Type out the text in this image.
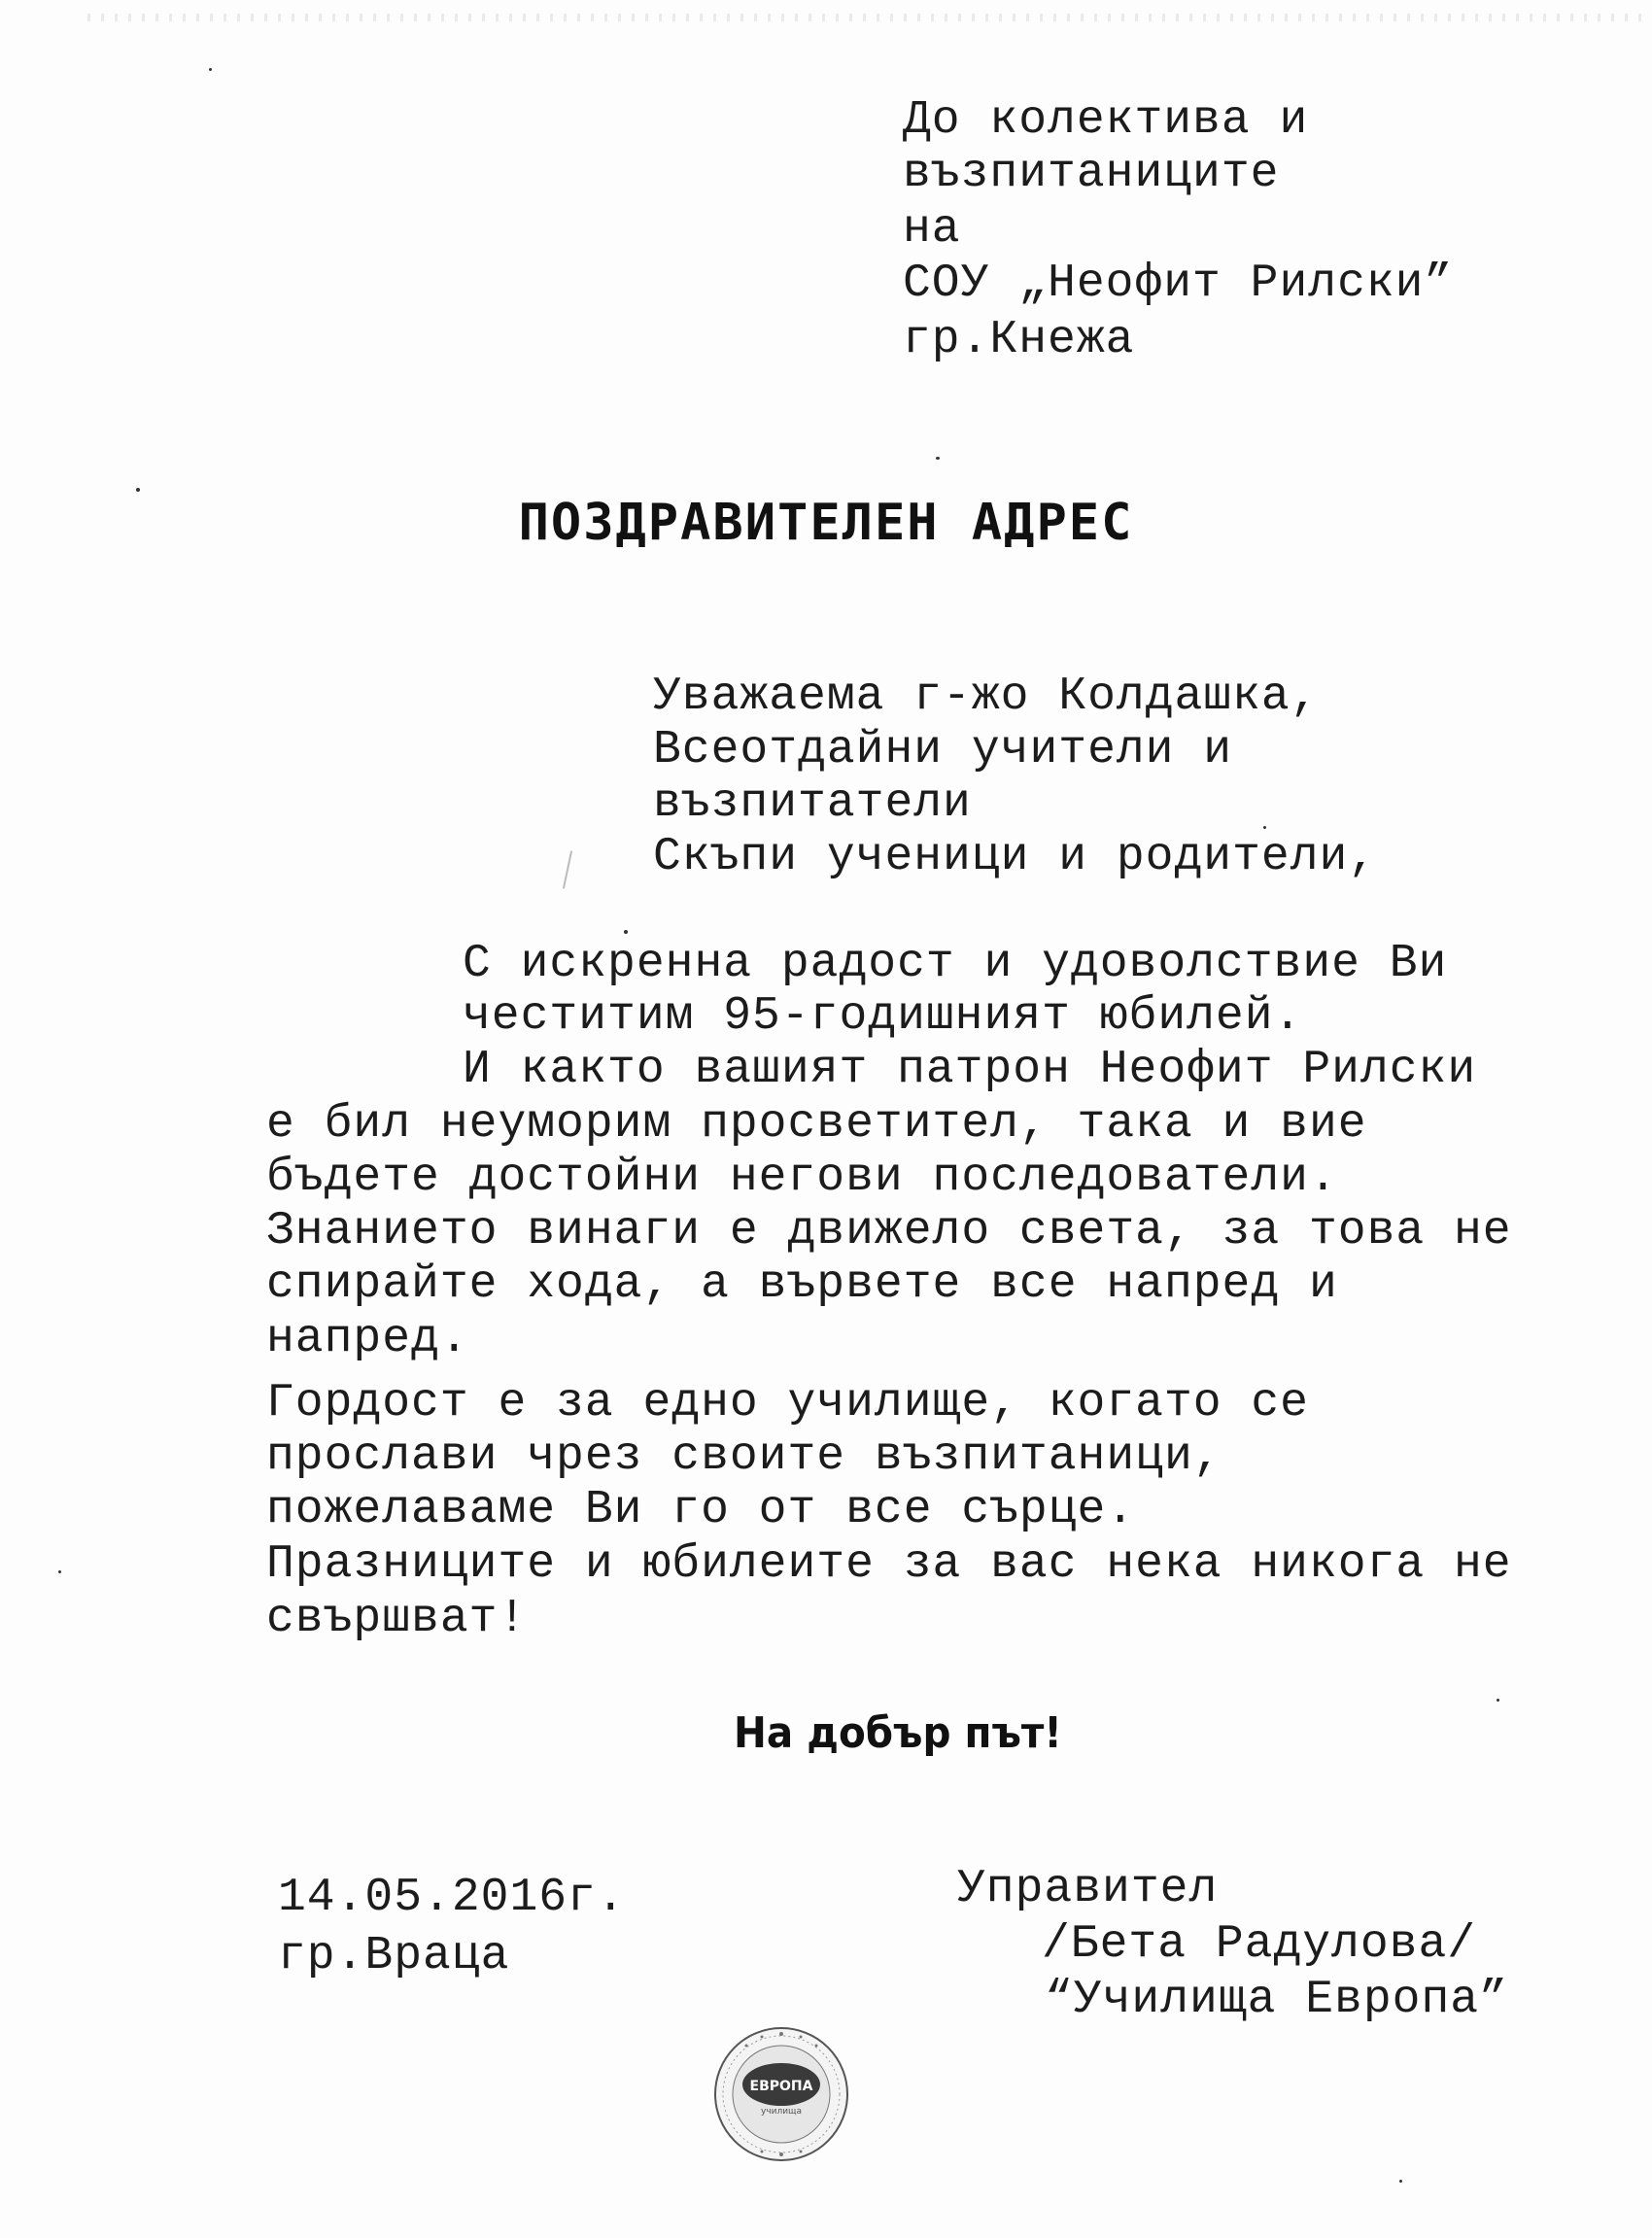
До колектива и
възпитаниците
на
СОУ „Неофит Рилски”
гр.Кнежа
ПОЗДРАВИТЕЛЕН АДРЕС
Уважаема г-жо Колдашка,
Всеотдайни учители и
възпитатели
Скъпи ученици и родители,
С искренна радост и удоволствие Ви
честитим 95-годишният юбилей.
И както вашият патрон Неофит Рилски
е бил неуморим просветител, така и вие
бъдете достойни негови последователи.
Знанието винаги е движело света, за това не
спирайте хода, а вървете все напред и
напред.
Гордост е за едно училище, когато се
прослави чрез своите възпитаници,
пожелаваме Ви го от все сърце.
Празниците и юбилеите за вас нека никога не
свършват!
На добър път!
14.05.2016г.
гр.Враца
Управител
/Бета Радулова/
“Училища Европа”
ЕВРОПА
училища
